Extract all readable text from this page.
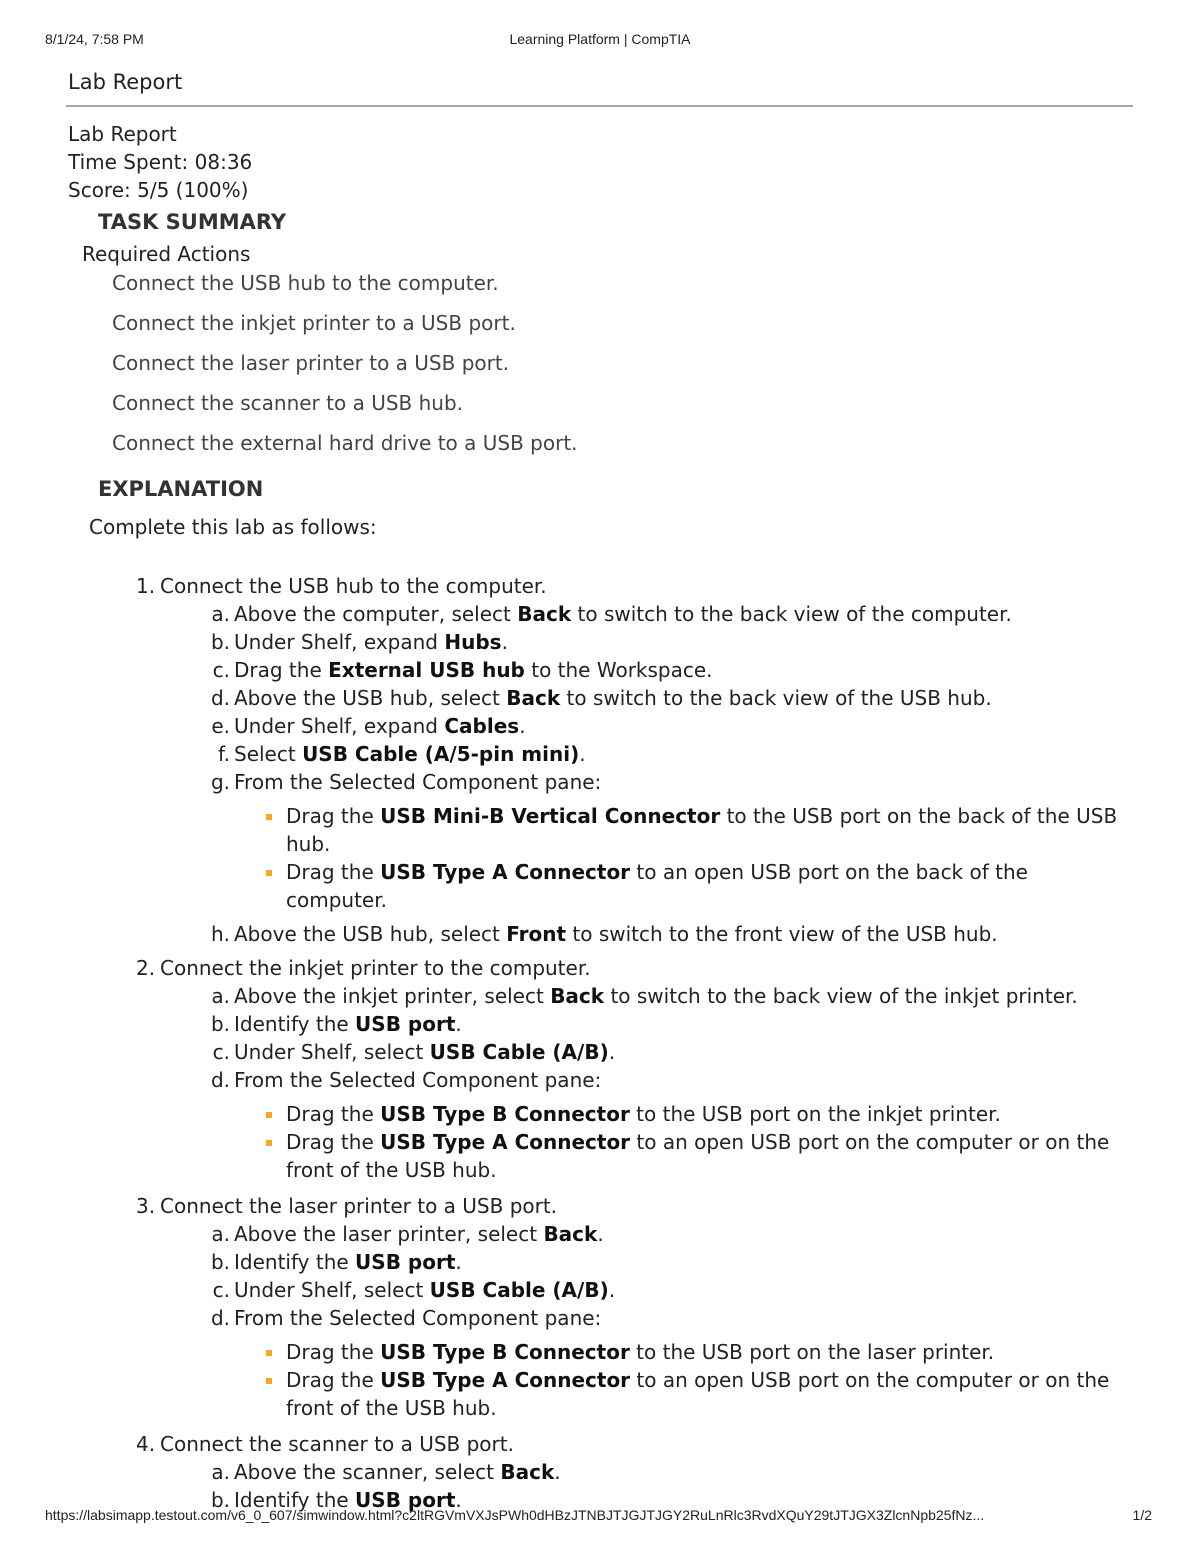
8/1/24, 7:58 PM	Learning Platform | CompTIA
Lab Report
Lab Report
Time Spent: 08:36
Score: 5/5 (100%)
TASK SUMMARY
Required Actions
Connect the USB hub to the computer.
Connect the inkjet printer to a USB port.
Connect the laser printer to a USB port.
Connect the scanner to a USB hub.
Connect the external hard drive to a USB port.
EXPLANATION
Complete this lab as follows:
1. Connect the USB hub to the computer.
a. Above the computer, select Back to switch to the back view of the computer.
b. Under Shelf, expand Hubs.
c. Drag the External USB hub to the Workspace.
d. Above the USB hub, select Back to switch to the back view of the USB hub.
e. Under Shelf, expand Cables.
f. Select USB Cable (A/5-pin mini).
g. From the Selected Component pane:
Drag the USB Mini-B Vertical Connector to the USB port on the back of the USB hub.
Drag the USB Type A Connector to an open USB port on the back of the computer.
h. Above the USB hub, select Front to switch to the front view of the USB hub.
2. Connect the inkjet printer to the computer.
a. Above the inkjet printer, select Back to switch to the back view of the inkjet printer.
b. Identify the USB port.
c. Under Shelf, select USB Cable (A/B).
d. From the Selected Component pane:
Drag the USB Type B Connector to the USB port on the inkjet printer.
Drag the USB Type A Connector to an open USB port on the computer or on the front of the USB hub.
3. Connect the laser printer to a USB port.
a. Above the laser printer, select Back.
b. Identify the USB port.
c. Under Shelf, select USB Cable (A/B).
d. From the Selected Component pane:
Drag the USB Type B Connector to the USB port on the laser printer.
Drag the USB Type A Connector to an open USB port on the computer or on the front of the USB hub.
4. Connect the scanner to a USB port.
a. Above the scanner, select Back.
b. Identify the USB port.
https://labsimapp.testout.com/v6_0_607/simwindow.html?c2ltRGVmVXJsPWh0dHBzJTNBJTJGJTJGY2RuLnRlc3RvdXQuY29tJTJGX3ZlcnNpb25fNz...	1/2
